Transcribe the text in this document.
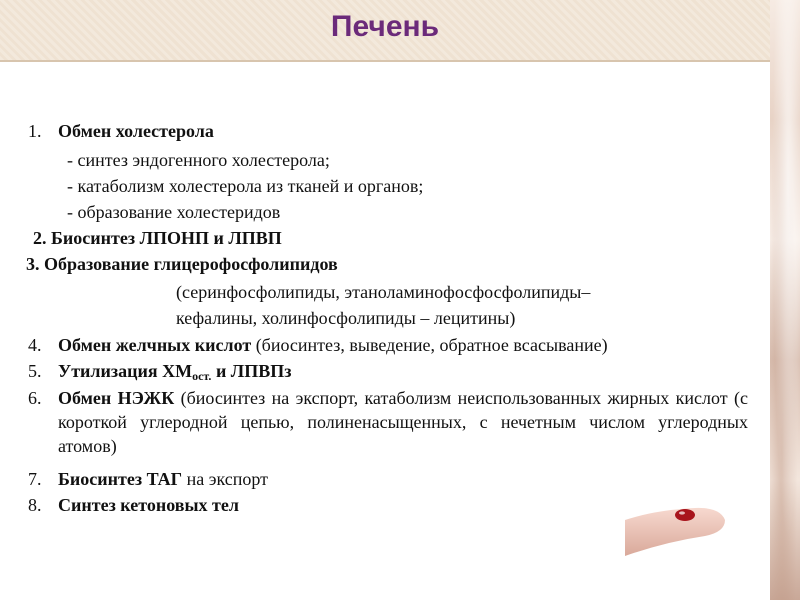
Печень
1. Обмен холестерола
- синтез эндогенного холестерола;
- катаболизм холестерола из тканей и органов;
- образование холестеридов
2. Биосинтез ЛПОНП и ЛПВП
3. Образование глицерофосфолипидов
(серинфосфолипиды, этаноламинофосфосфолипиды–
кефалины, холинфосфолипиды – лецитины)
4. Обмен желчных кислот (биосинтез, выведение, обратное всасывание)
5. Утилизация $ХМ_{ост.}$ и ЛПВПз
6. Обмен НЭЖК (биосинтез на экспорт, катаболизм неиспользованных жирных кислот (с короткой углеродной цепью, полиненасыщенных, с нечетным числом углеродных атомов)
7. Биосинтез ТАГ на экспорт
8. Синтез кетоновых тел
